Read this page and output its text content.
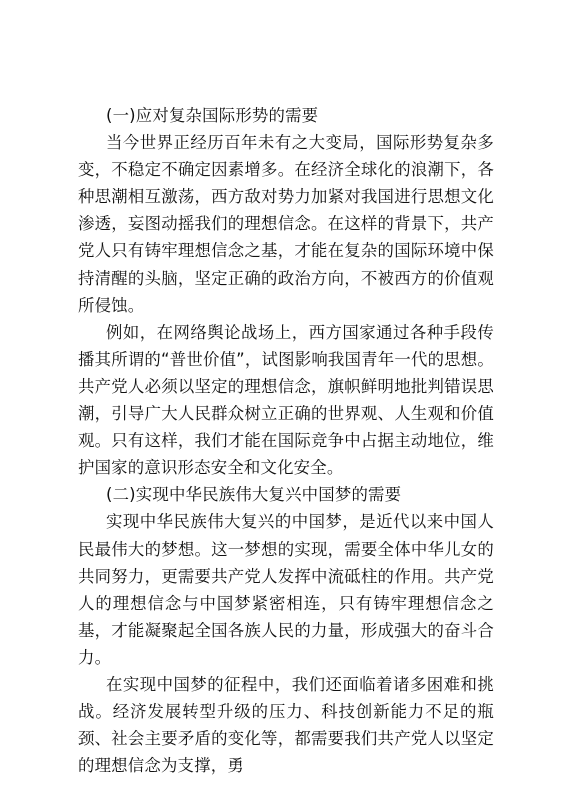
(一)应对复杂国际形势的需要

当今世界正经历百年未有之大变局，国际形势复杂多变，不稳定不确定因素增多。在经济全球化的浪潮下，各种思潮相互激荡，西方敌对势力加紧对我国进行思想文化渗透，妄图动摇我们的理想信念。在这样的背景下，共产党人只有铸牢理想信念之基，才能在复杂的国际环境中保持清醒的头脑，坚定正确的政治方向，不被西方的价值观所侵蚀。

例如，在网络舆论战场上，西方国家通过各种手段传播其所谓的“普世价值”，试图影响我国青年一代的思想。共产党人必须以坚定的理想信念，旗帜鲜明地批判错误思潮，引导广大人民群众树立正确的世界观、人生观和价值观。只有这样，我们才能在国际竞争中占据主动地位，维护国家的意识形态安全和文化安全。

(二)实现中华民族伟大复兴中国梦的需要

实现中华民族伟大复兴的中国梦，是近代以来中国人民最伟大的梦想。这一梦想的实现，需要全体中华儿女的共同努力，更需要共产党人发挥中流砥柱的作用。共产党人的理想信念与中国梦紧密相连，只有铸牢理想信念之基，才能凝聚起全国各族人民的力量，形成强大的奋斗合力。

在实现中国梦的征程中，我们还面临着诸多困难和挑战。经济发展转型升级的压力、科技创新能力不足的瓶颈、社会主要矛盾的变化等，都需要我们共产党人以坚定的理想信念为支撑，勇
